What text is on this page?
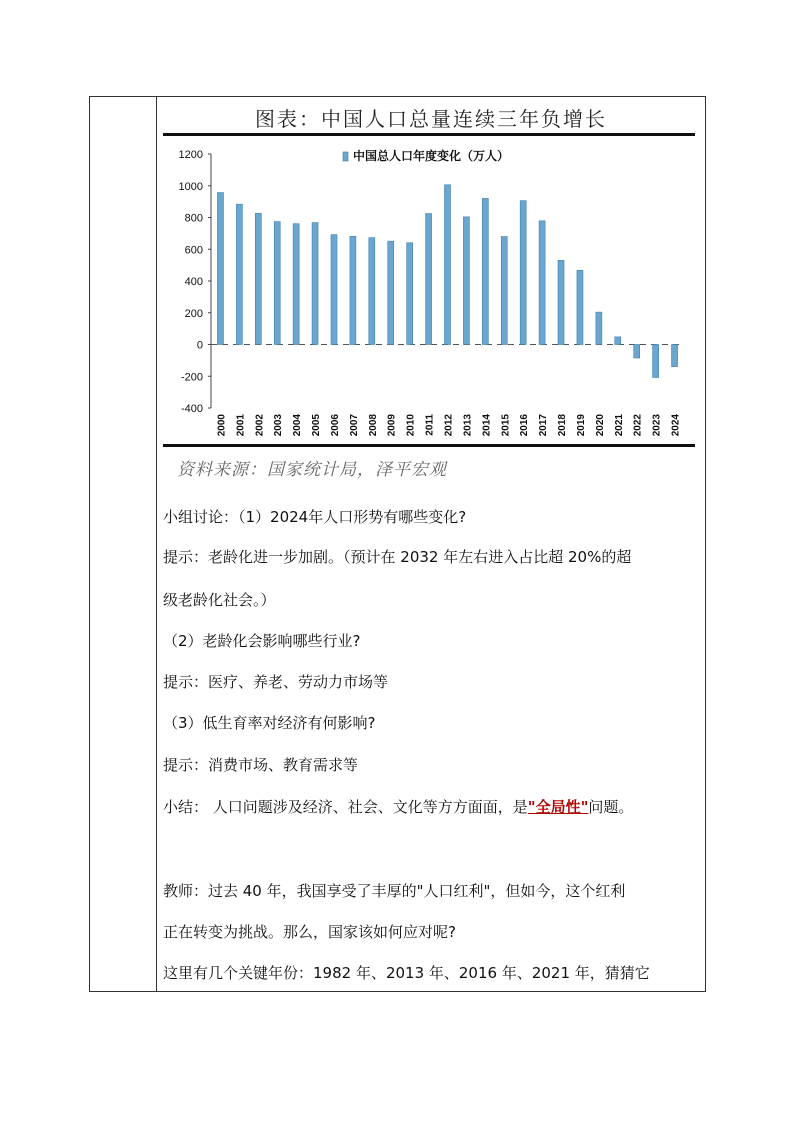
图表：中国人口总量连续三年负增长
1200
1000
800
600
400
200
0
-200
-400
2000 2001 2002 2003 2004 2005 2006 2007 2008 2009 2010 2011 2012 2013 2014 2015 2016 2017 2018 2019 2020 2021 2022 2023 2024
中国总人口年度变化（万人）
资料来源：国家统计局，泽平宏观
小组讨论：（1）2024年人口形势有哪些变化?
提示：老龄化进一步加剧。（预计在 2032 年左右进入占比超 20%的超
级老龄化社会。）
（2）老龄化会影响哪些行业?
提示：医疗、养老、劳动力市场等
（3）低生育率对经济有何影响?
提示：消费市场、教育需求等
小结： 人口问题涉及经济、社会、文化等方方面面，是"全局性"问题。
教师：过去 40 年，我国享受了丰厚的"人口红利"，但如今，这个红利
正在转变为挑战。那么，国家该如何应对呢?
这里有几个关键年份：1982 年、2013 年、2016 年、2021 年，猜猜它
